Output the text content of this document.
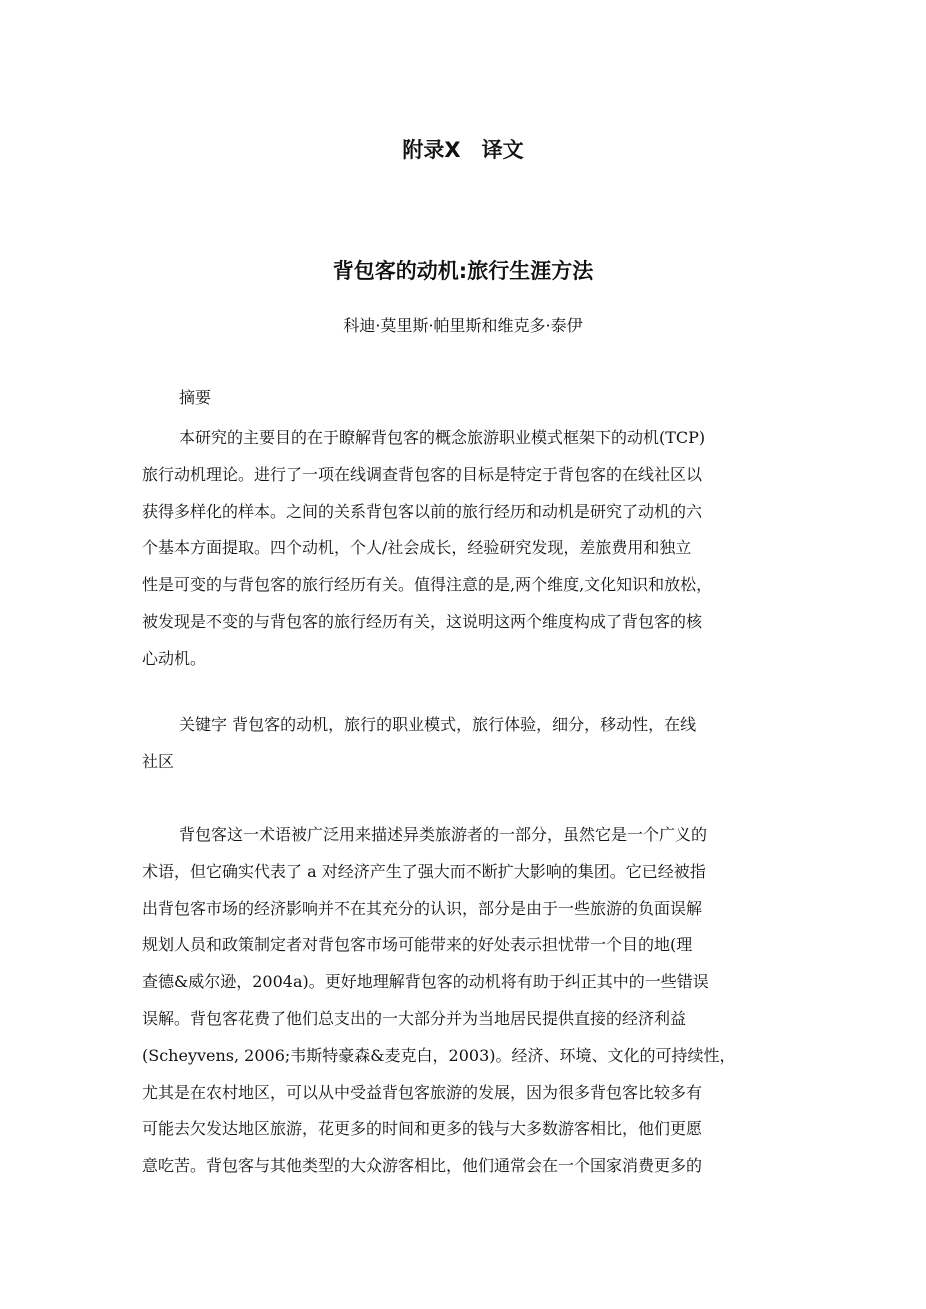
附录X　译文
背包客的动机:旅行生涯方法

科迪·莫里斯·帕里斯和维克多·泰伊

摘要

本研究的主要目的在于瞭解背包客的概念旅游职业模式框架下的动机(TCP)
旅行动机理论。进行了一项在线调查背包客的目标是特定于背包客的在线社区以
获得多样化的样本。之间的关系背包客以前的旅行经历和动机是研究了动机的六
个基本方面提取。四个动机，个人/社会成长，经验研究发现，差旅费用和独立
性是可变的与背包客的旅行经历有关。值得注意的是,两个维度,文化知识和放松，
被发现是不变的与背包客的旅行经历有关，这说明这两个维度构成了背包客的核
心动机。
关键字 背包客的动机，旅行的职业模式，旅行体验，细分，移动性，在线
社区
背包客这一术语被广泛用来描述异类旅游者的一部分，虽然它是一个广义的
术语，但它确实代表了 a 对经济产生了强大而不断扩大影响的集团。它已经被指
出背包客市场的经济影响并不在其充分的认识，部分是由于一些旅游的负面误解
规划人员和政策制定者对背包客市场可能带来的好处表示担忧带一个目的地(理
查德&威尔逊，2004a)。更好地理解背包客的动机将有助于纠正其中的一些错误
误解。背包客花费了他们总支出的一大部分并为当地居民提供直接的经济利益
(Scheyvens, 2006;韦斯特豪森&麦克白，2003)。经济、环境、文化的可持续性，
尤其是在农村地区，可以从中受益背包客旅游的发展，因为很多背包客比较多有
可能去欠发达地区旅游，花更多的时间和更多的钱与大多数游客相比，他们更愿
意吃苦。背包客与其他类型的大众游客相比，他们通常会在一个国家消费更多的
